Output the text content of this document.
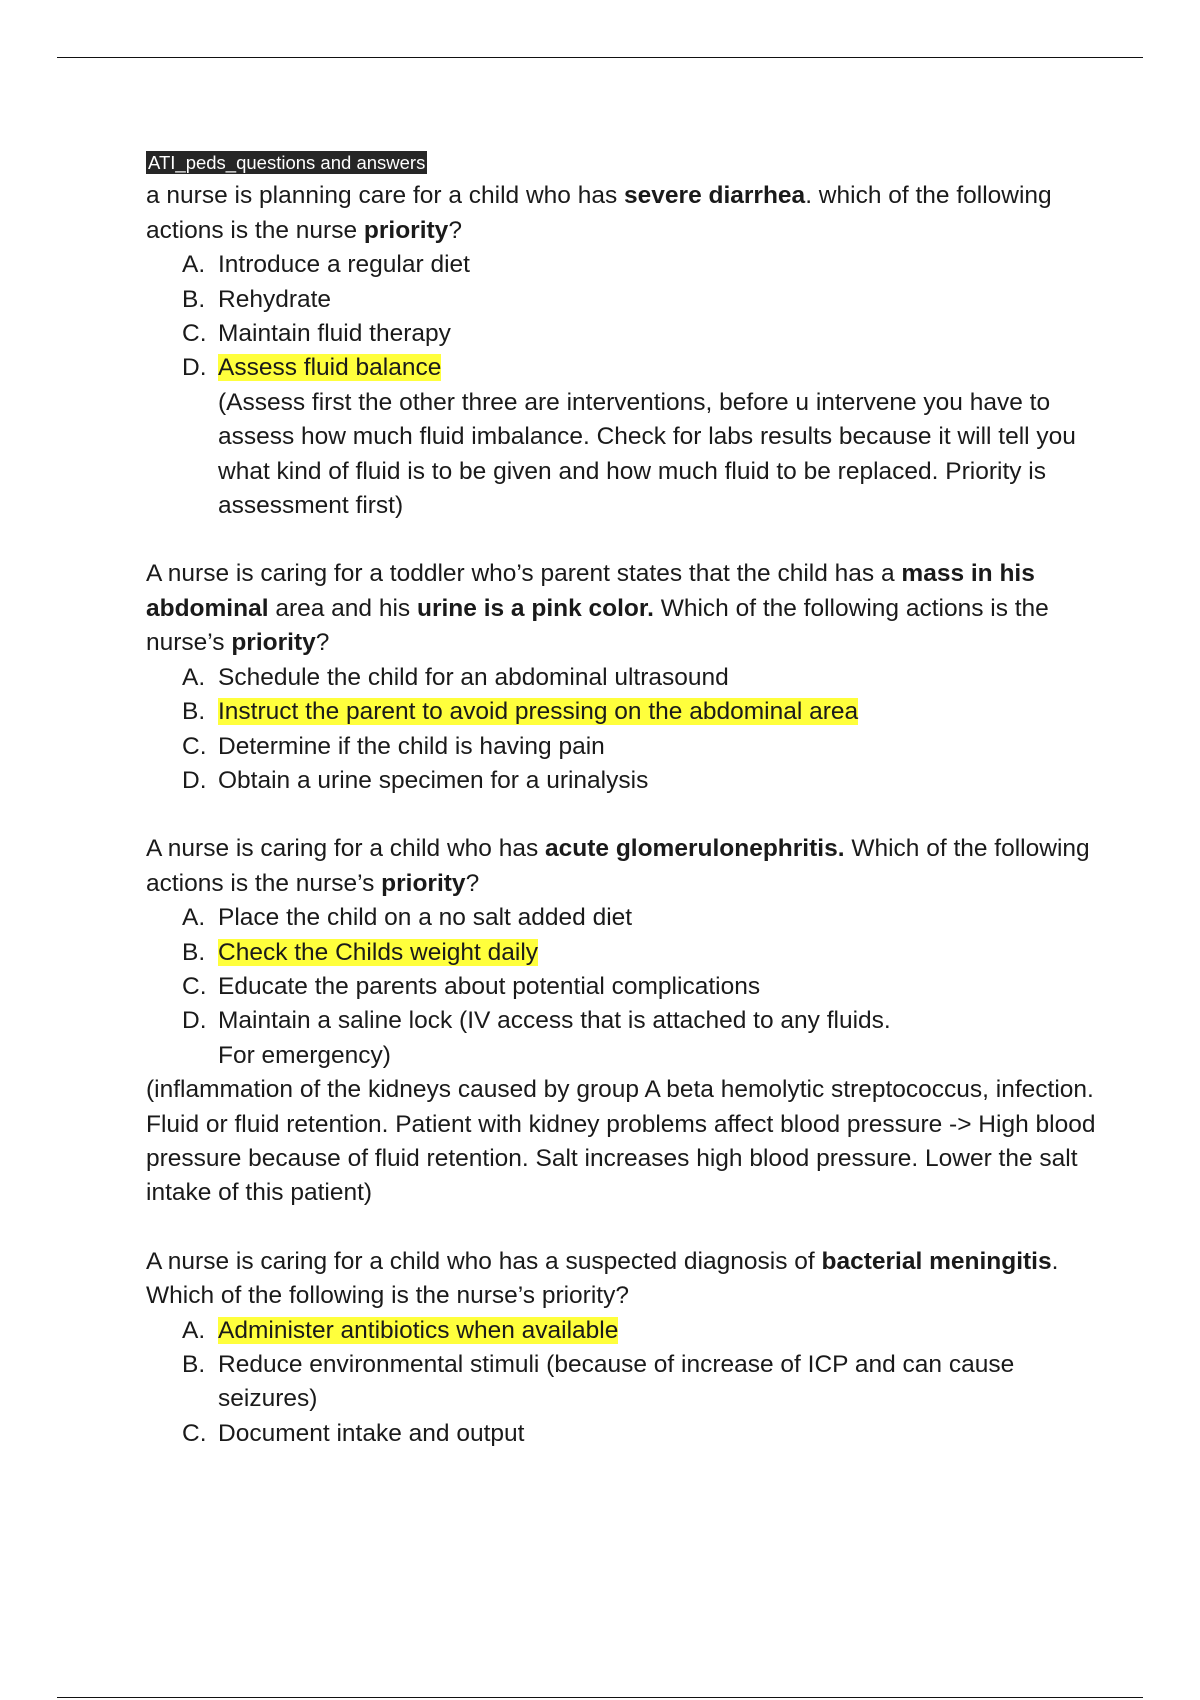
ATI_peds_questions and answers

a nurse is planning care for a child who has severe diarrhea. which of the following actions is the nurse priority?

A. Introduce a regular diet
B. Rehydrate
C. Maintain fluid therapy
D. Assess fluid balance
(Assess first the other three are interventions, before u intervene you have to assess how much fluid imbalance. Check for labs results because it will tell you what kind of fluid is to be given and how much fluid to be replaced. Priority is assessment first)

A nurse is caring for a toddler who’s parent states that the child has a mass in his abdominal area and his urine is a pink color. Which of the following actions is the nurse’s priority?

A. Schedule the child for an abdominal ultrasound
B. Instruct the parent to avoid pressing on the abdominal area
C. Determine if the child is having pain
D. Obtain a urine specimen for a urinalysis

A nurse is caring for a child who has acute glomerulonephritis. Which of the following actions is the nurse’s priority?

A. Place the child on a no salt added diet
B. Check the Childs weight daily
C. Educate the parents about potential complications
D. Maintain a saline lock (IV access that is attached to any fluids.
For emergency)

(inflammation of the kidneys caused by group A beta hemolytic streptococcus, infection. Fluid or fluid retention. Patient with kidney problems affect blood pressure -> High blood pressure because of fluid retention. Salt increases high blood pressure. Lower the salt intake of this patient)

A nurse is caring for a child who has a suspected diagnosis of bacterial meningitis. Which of the following is the nurse’s priority?

A. Administer antibiotics when available
B. Reduce environmental stimuli (because of increase of ICP and can cause seizures)
C. Document intake and output
